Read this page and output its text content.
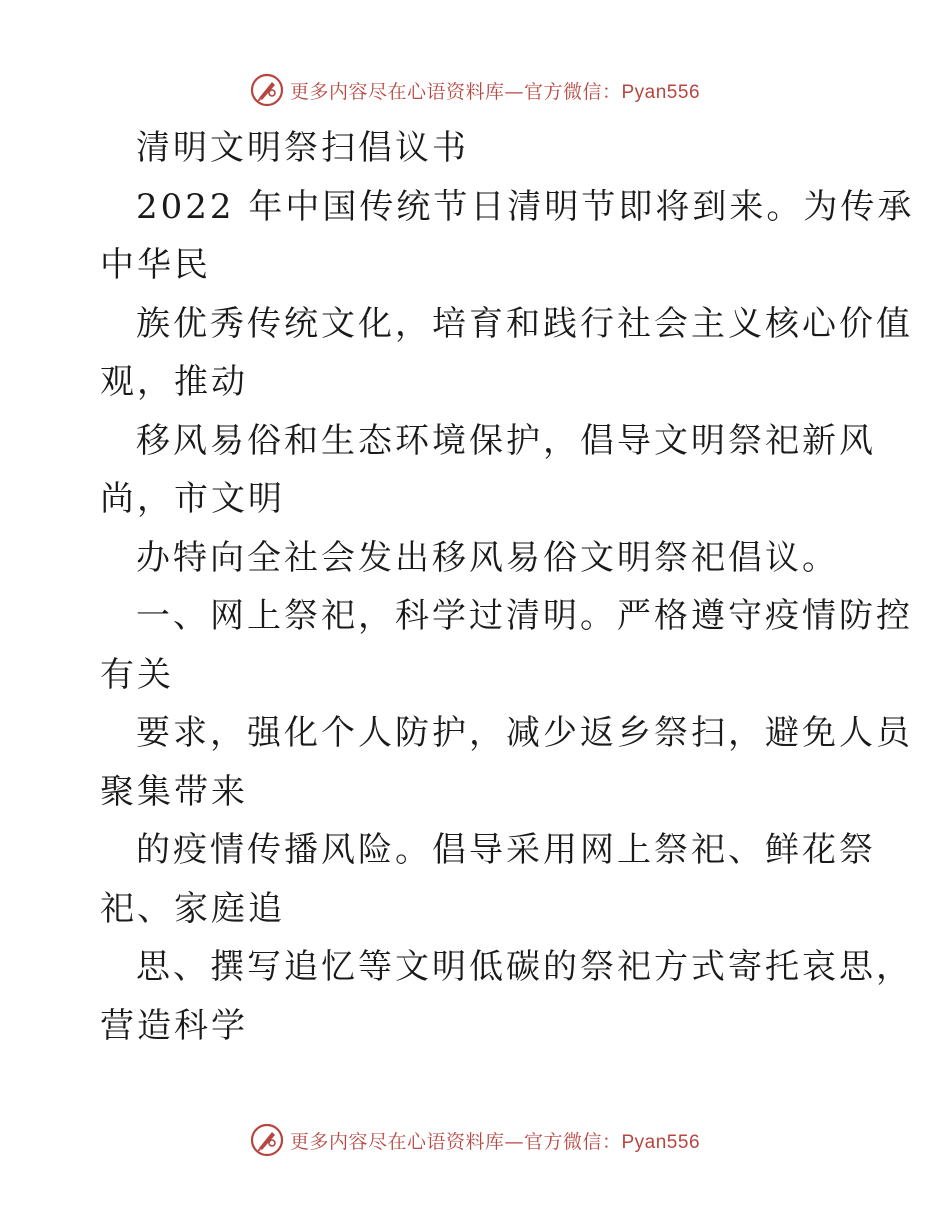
更多内容尽在心语资料库—官方微信：Pyan556
清明文明祭扫倡议书
2022 年中国传统节日清明节即将到来。为传承
中华民
族优秀传统文化，培育和践行社会主义核心价值
观，推动
移风易俗和生态环境保护，倡导文明祭祀新风
尚，市文明
办特向全社会发出移风易俗文明祭祀倡议。
一、网上祭祀，科学过清明。严格遵守疫情防控
有关
要求，强化个人防护，减少返乡祭扫，避免人员
聚集带来
的疫情传播风险。倡导采用网上祭祀、鲜花祭
祀、家庭追
思、撰写追忆等文明低碳的祭祀方式寄托哀思，
营造科学
更多内容尽在心语资料库—官方微信：Pyan556
